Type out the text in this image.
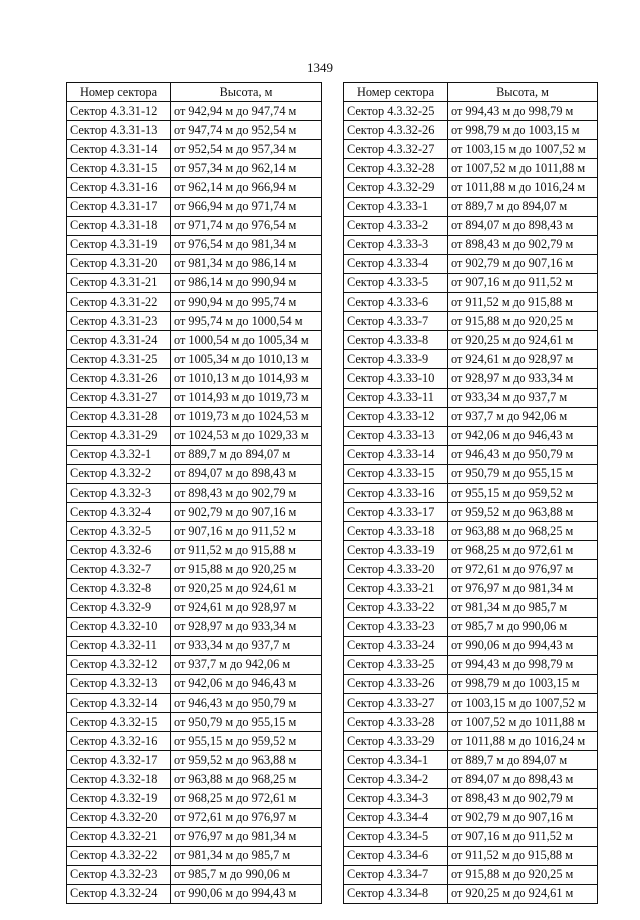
1349
Номер сектора	Высота, м
Сектор 4.3.31-12	от 942,94 м до 947,74 м
Сектор 4.3.31-13	от 947,74 м до 952,54 м
Сектор 4.3.31-14	от 952,54 м до 957,34 м
Сектор 4.3.31-15	от 957,34 м до 962,14 м
Сектор 4.3.31-16	от 962,14 м до 966,94 м
Сектор 4.3.31-17	от 966,94 м до 971,74 м
Сектор 4.3.31-18	от 971,74 м до 976,54 м
Сектор 4.3.31-19	от 976,54 м до 981,34 м
Сектор 4.3.31-20	от 981,34 м до 986,14 м
Сектор 4.3.31-21	от 986,14 м до 990,94 м
Сектор 4.3.31-22	от 990,94 м до 995,74 м
Сектор 4.3.31-23	от 995,74 м до 1000,54 м
Сектор 4.3.31-24	от 1000,54 м до 1005,34 м
Сектор 4.3.31-25	от 1005,34 м до 1010,13 м
Сектор 4.3.31-26	от 1010,13 м до 1014,93 м
Сектор 4.3.31-27	от 1014,93 м до 1019,73 м
Сектор 4.3.31-28	от 1019,73 м до 1024,53 м
Сектор 4.3.31-29	от 1024,53 м до 1029,33 м
Сектор 4.3.32-1	от 889,7 м до 894,07 м
Сектор 4.3.32-2	от 894,07 м до 898,43 м
Сектор 4.3.32-3	от 898,43 м до 902,79 м
Сектор 4.3.32-4	от 902,79 м до 907,16 м
Сектор 4.3.32-5	от 907,16 м до 911,52 м
Сектор 4.3.32-6	от 911,52 м до 915,88 м
Сектор 4.3.32-7	от 915,88 м до 920,25 м
Сектор 4.3.32-8	от 920,25 м до 924,61 м
Сектор 4.3.32-9	от 924,61 м до 928,97 м
Сектор 4.3.32-10	от 928,97 м до 933,34 м
Сектор 4.3.32-11	от 933,34 м до 937,7 м
Сектор 4.3.32-12	от 937,7 м до 942,06 м
Сектор 4.3.32-13	от 942,06 м до 946,43 м
Сектор 4.3.32-14	от 946,43 м до 950,79 м
Сектор 4.3.32-15	от 950,79 м до 955,15 м
Сектор 4.3.32-16	от 955,15 м до 959,52 м
Сектор 4.3.32-17	от 959,52 м до 963,88 м
Сектор 4.3.32-18	от 963,88 м до 968,25 м
Сектор 4.3.32-19	от 968,25 м до 972,61 м
Сектор 4.3.32-20	от 972,61 м до 976,97 м
Сектор 4.3.32-21	от 976,97 м до 981,34 м
Сектор 4.3.32-22	от 981,34 м до 985,7 м
Сектор 4.3.32-23	от 985,7 м до 990,06 м
Сектор 4.3.32-24	от 990,06 м до 994,43 м
Номер сектора	Высота, м
Сектор 4.3.32-25	от 994,43 м до 998,79 м
Сектор 4.3.32-26	от 998,79 м до 1003,15 м
Сектор 4.3.32-27	от 1003,15 м до 1007,52 м
Сектор 4.3.32-28	от 1007,52 м до 1011,88 м
Сектор 4.3.32-29	от 1011,88 м до 1016,24 м
Сектор 4.3.33-1	от 889,7 м до 894,07 м
Сектор 4.3.33-2	от 894,07 м до 898,43 м
Сектор 4.3.33-3	от 898,43 м до 902,79 м
Сектор 4.3.33-4	от 902,79 м до 907,16 м
Сектор 4.3.33-5	от 907,16 м до 911,52 м
Сектор 4.3.33-6	от 911,52 м до 915,88 м
Сектор 4.3.33-7	от 915,88 м до 920,25 м
Сектор 4.3.33-8	от 920,25 м до 924,61 м
Сектор 4.3.33-9	от 924,61 м до 928,97 м
Сектор 4.3.33-10	от 928,97 м до 933,34 м
Сектор 4.3.33-11	от 933,34 м до 937,7 м
Сектор 4.3.33-12	от 937,7 м до 942,06 м
Сектор 4.3.33-13	от 942,06 м до 946,43 м
Сектор 4.3.33-14	от 946,43 м до 950,79 м
Сектор 4.3.33-15	от 950,79 м до 955,15 м
Сектор 4.3.33-16	от 955,15 м до 959,52 м
Сектор 4.3.33-17	от 959,52 м до 963,88 м
Сектор 4.3.33-18	от 963,88 м до 968,25 м
Сектор 4.3.33-19	от 968,25 м до 972,61 м
Сектор 4.3.33-20	от 972,61 м до 976,97 м
Сектор 4.3.33-21	от 976,97 м до 981,34 м
Сектор 4.3.33-22	от 981,34 м до 985,7 м
Сектор 4.3.33-23	от 985,7 м до 990,06 м
Сектор 4.3.33-24	от 990,06 м до 994,43 м
Сектор 4.3.33-25	от 994,43 м до 998,79 м
Сектор 4.3.33-26	от 998,79 м до 1003,15 м
Сектор 4.3.33-27	от 1003,15 м до 1007,52 м
Сектор 4.3.33-28	от 1007,52 м до 1011,88 м
Сектор 4.3.33-29	от 1011,88 м до 1016,24 м
Сектор 4.3.34-1	от 889,7 м до 894,07 м
Сектор 4.3.34-2	от 894,07 м до 898,43 м
Сектор 4.3.34-3	от 898,43 м до 902,79 м
Сектор 4.3.34-4	от 902,79 м до 907,16 м
Сектор 4.3.34-5	от 907,16 м до 911,52 м
Сектор 4.3.34-6	от 911,52 м до 915,88 м
Сектор 4.3.34-7	от 915,88 м до 920,25 м
Сектор 4.3.34-8	от 920,25 м до 924,61 м
